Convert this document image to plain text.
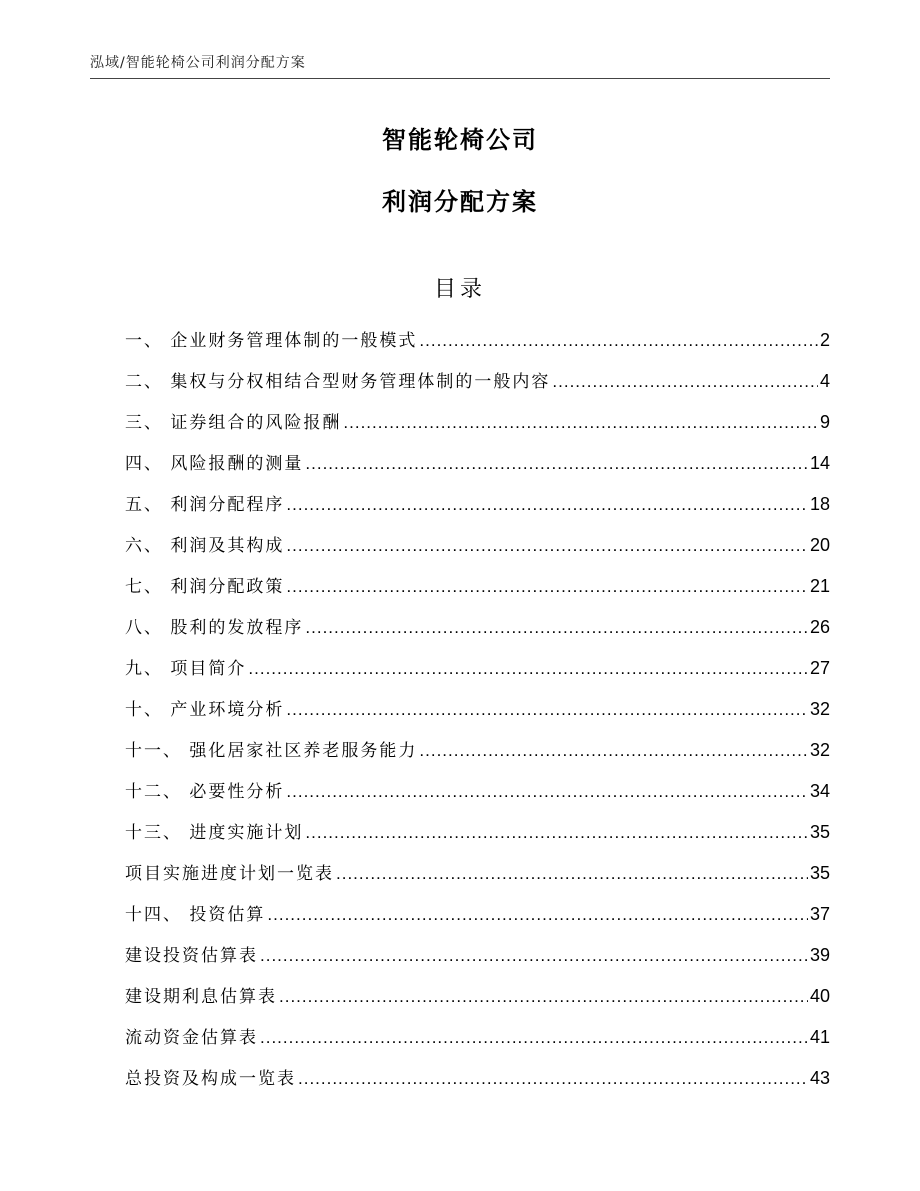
泓域/智能轮椅公司利润分配方案
智能轮椅公司
利润分配方案
目录
一、 企业财务管理体制的一般模式 .....	2
二、 集权与分权相结合型财务管理体制的一般内容 .....	4
三、 证券组合的风险报酬 .....	9
四、 风险报酬的测量 .....	14
五、 利润分配程序 .....	18
六、 利润及其构成 .....	20
七、 利润分配政策 .....	21
八、 股利的发放程序 .....	26
九、 项目简介 .....	27
十、 产业环境分析 .....	32
十一、 强化居家社区养老服务能力 .....	32
十二、 必要性分析 .....	34
十三、 进度实施计划 .....	35
项目实施进度计划一览表 .....	35
十四、 投资估算 .....	37
建设投资估算表 .....	39
建设期利息估算表 .....	40
流动资金估算表 .....	41
总投资及构成一览表 .....	43
